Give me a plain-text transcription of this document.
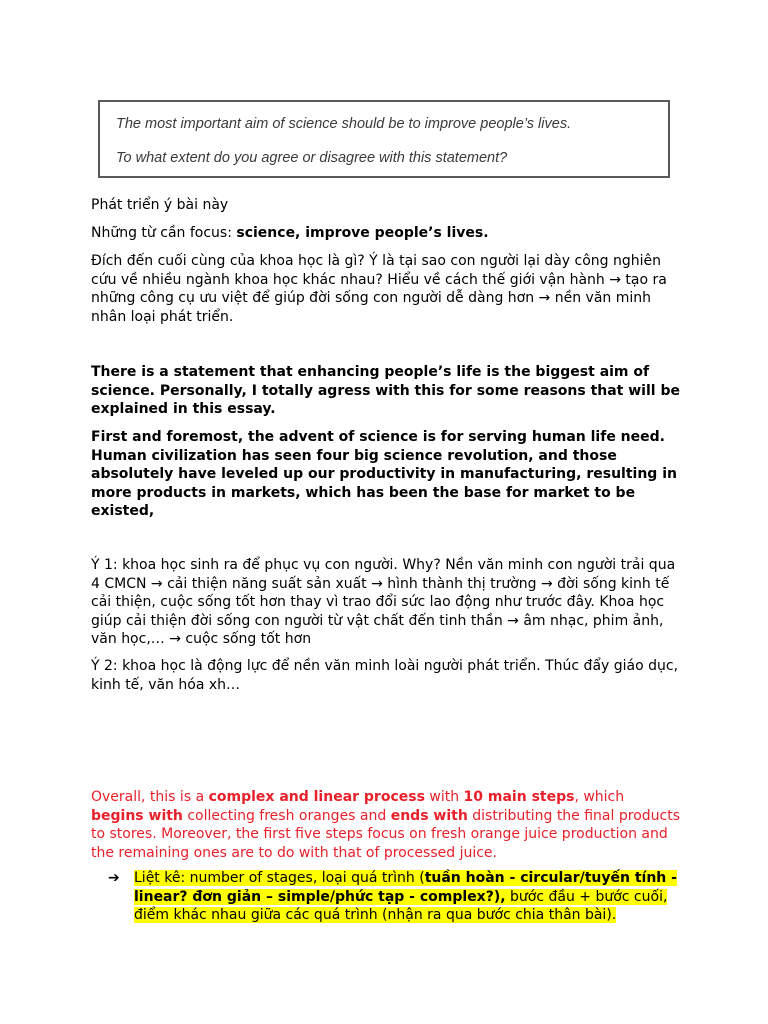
The most important aim of science should be to improve people’s lives.
To what extent do you agree or disagree with this statement?

Phát triển ý bài này

Những từ cần focus: science, improve people’s lives.

Đích đến cuối cùng của khoa học là gì? Ý là tại sao con người lại dày công nghiên cứu về nhiều ngành khoa học khác nhau? Hiểu về cách thế giới vận hành → tạo ra những công cụ ưu việt để giúp đời sống con người dễ dàng hơn → nền văn minh nhân loại phát triển.

There is a statement that enhancing people’s life is the biggest aim of science. Personally, I totally agress with this for some reasons that will be explained in this essay.

First and foremost, the advent of science is for serving human life need. Human civilization has seen four big science revolution, and those absolutely have leveled up our productivity in manufacturing, resulting in more products in markets, which has been the base for market to be existed,

Ý 1: khoa học sinh ra để phục vụ con người. Why? Nền văn minh con người trải qua 4 CMCN → cải thiện năng suất sản xuất → hình thành thị trường → đời sống kinh tế cải thiện, cuộc sống tốt hơn thay vì trao đổi sức lao động như trước đây. Khoa học giúp cải thiện đời sống con người từ vật chất đến tinh thần → âm nhạc, phim ảnh, văn học,… → cuộc sống tốt hơn

Ý 2: khoa học là động lực để nền văn minh loài người phát triển. Thúc đẩy giáo dục, kinh tế, văn hóa xh…

Overall, this is a complex and linear process with 10 main steps, which begins with collecting fresh oranges and ends with distributing the final products to stores. Moreover, the first five steps focus on fresh orange juice production and the remaining ones are to do with that of processed juice.

➔ Liệt kê: number of stages, loại quá trình (tuần hoàn - circular/tuyến tính - linear? đơn giản – simple/phức tạp - complex?), bước đầu + bước cuối, điểm khác nhau giữa các quá trình (nhận ra qua bước chia thân bài).
